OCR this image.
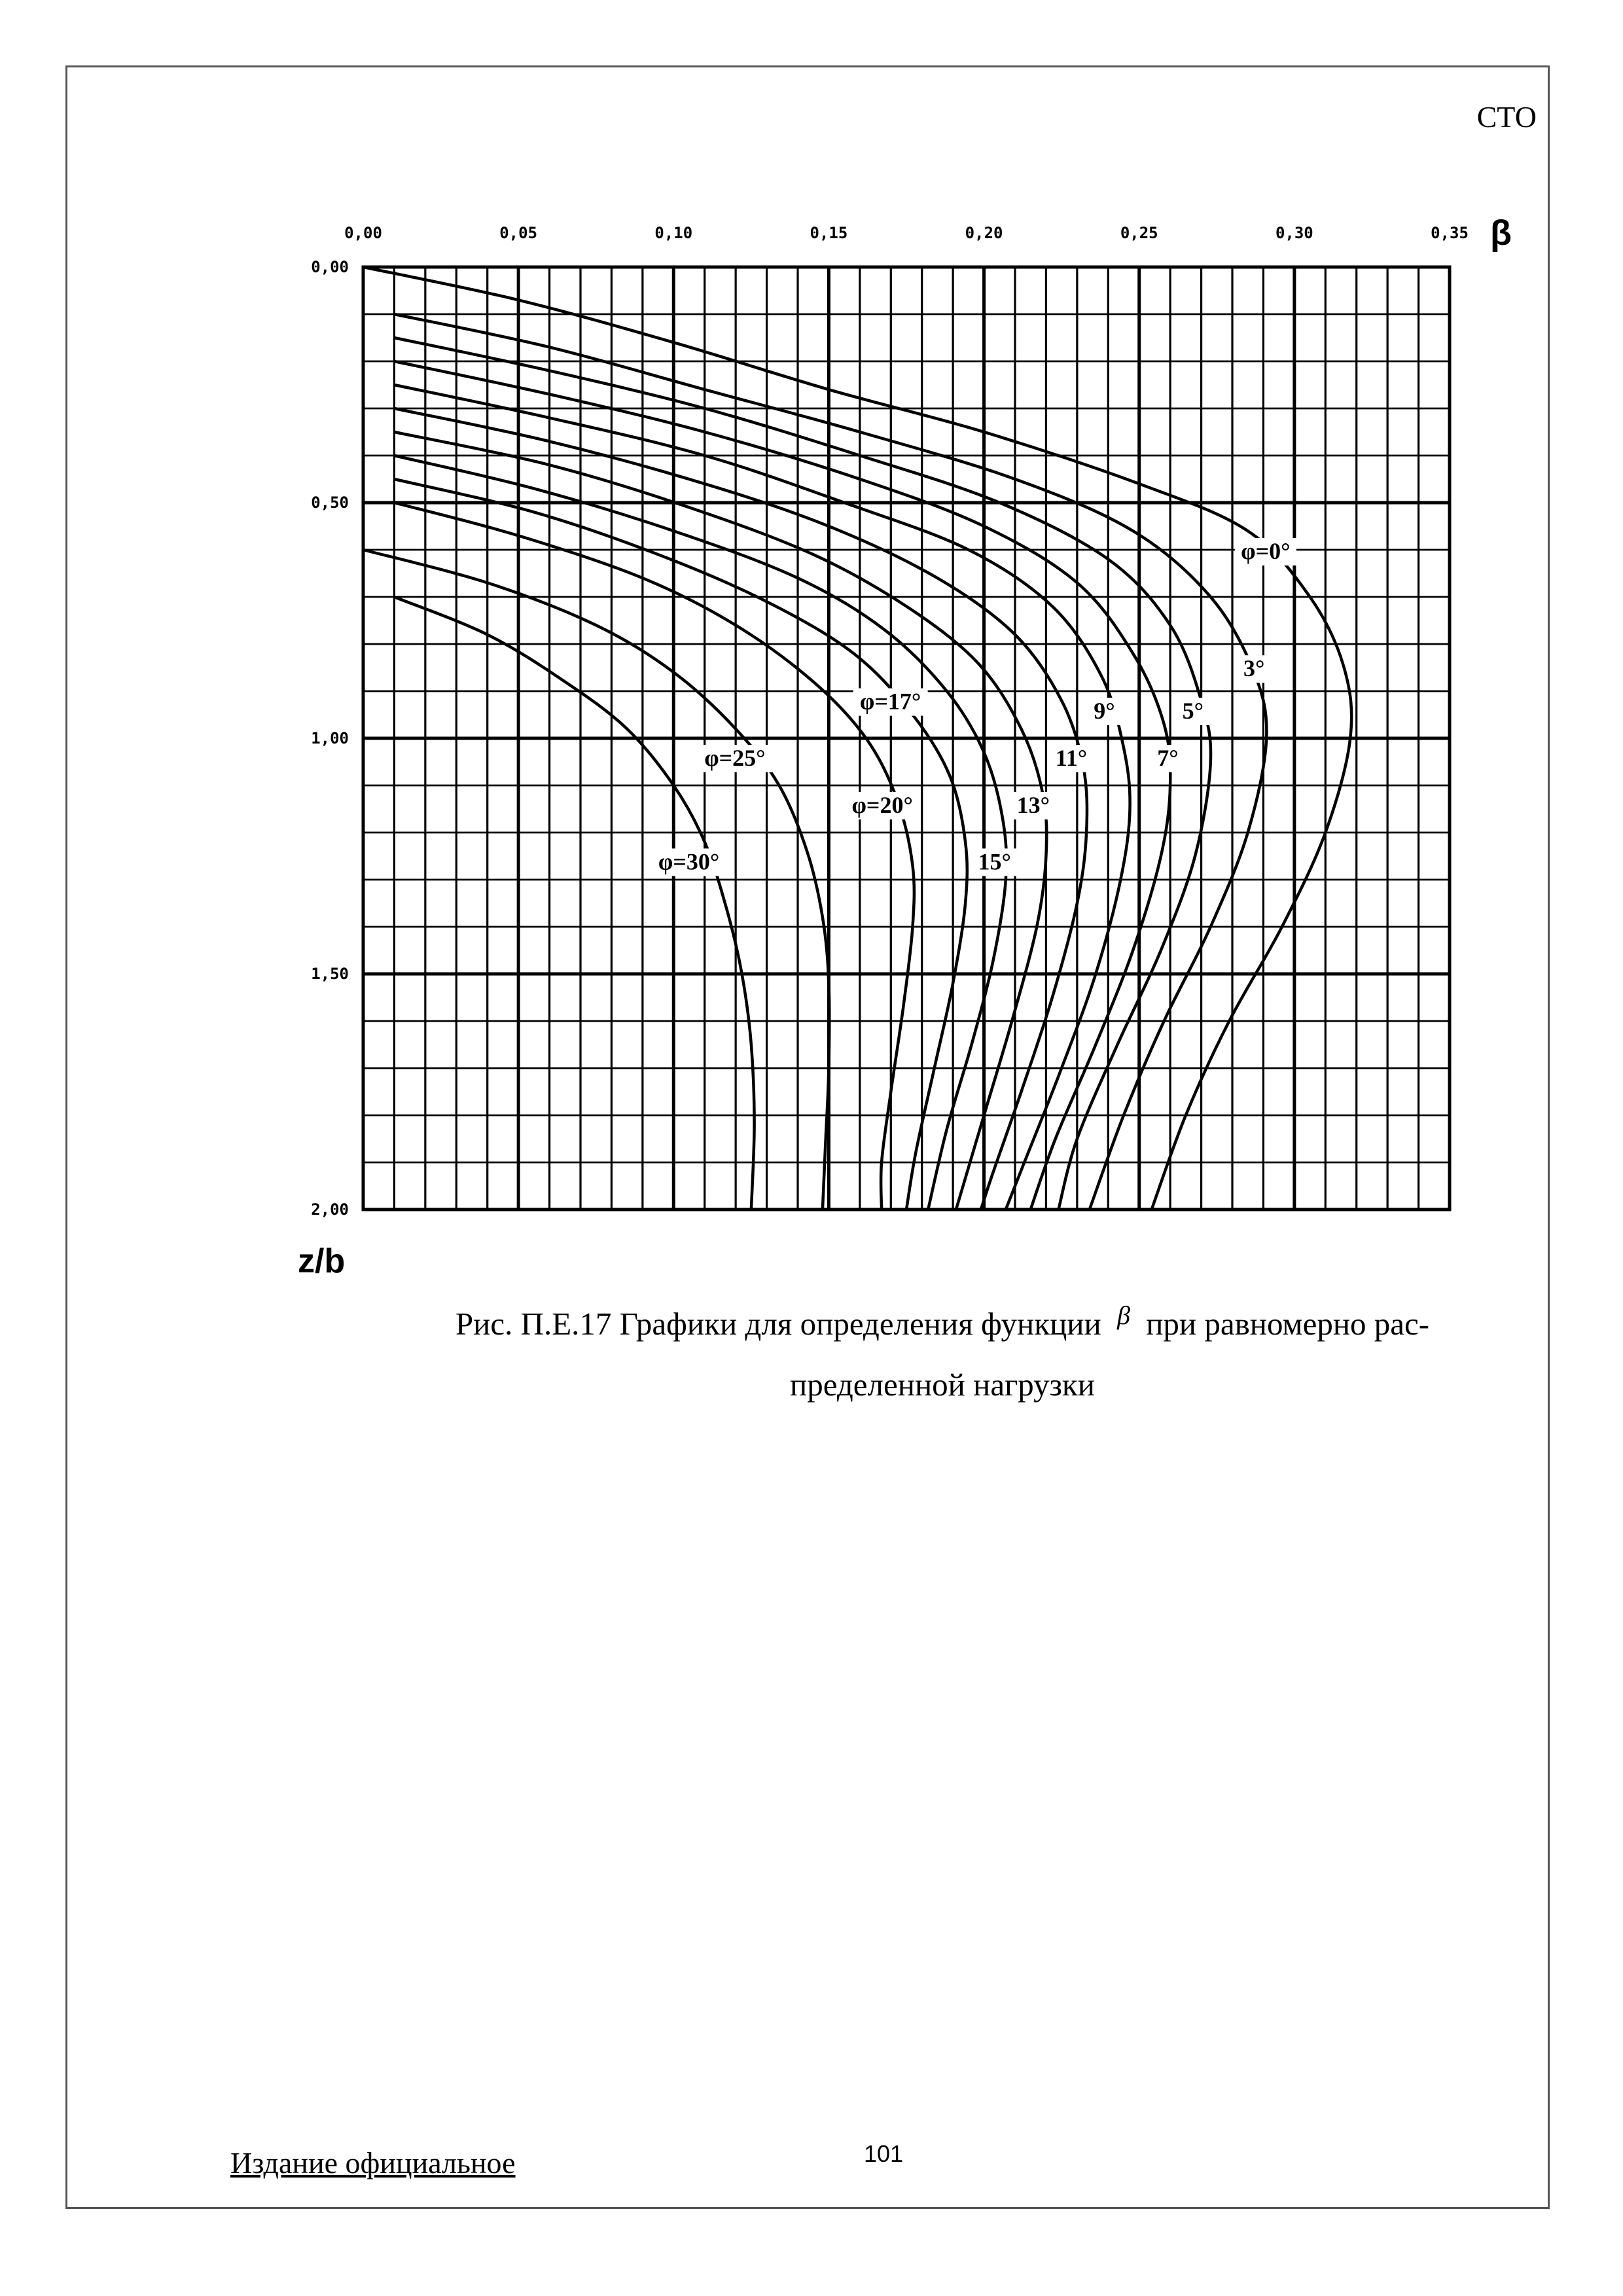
СТО
0,00	0,05	0,10	0,15	0,20	0,25	0,30	0,35
0,00
0,50
1,00
1,50
2,00
φ=0°
3°
5°
7°
9°
11°
13°
15°
φ=17°
φ=20°
φ=25°
φ=30°
β
z/b
Рис. П.Е.17 Графики для определения функции $^\beta$ при равномерно рас-
пределенной нагрузки
Издание официальное	101
